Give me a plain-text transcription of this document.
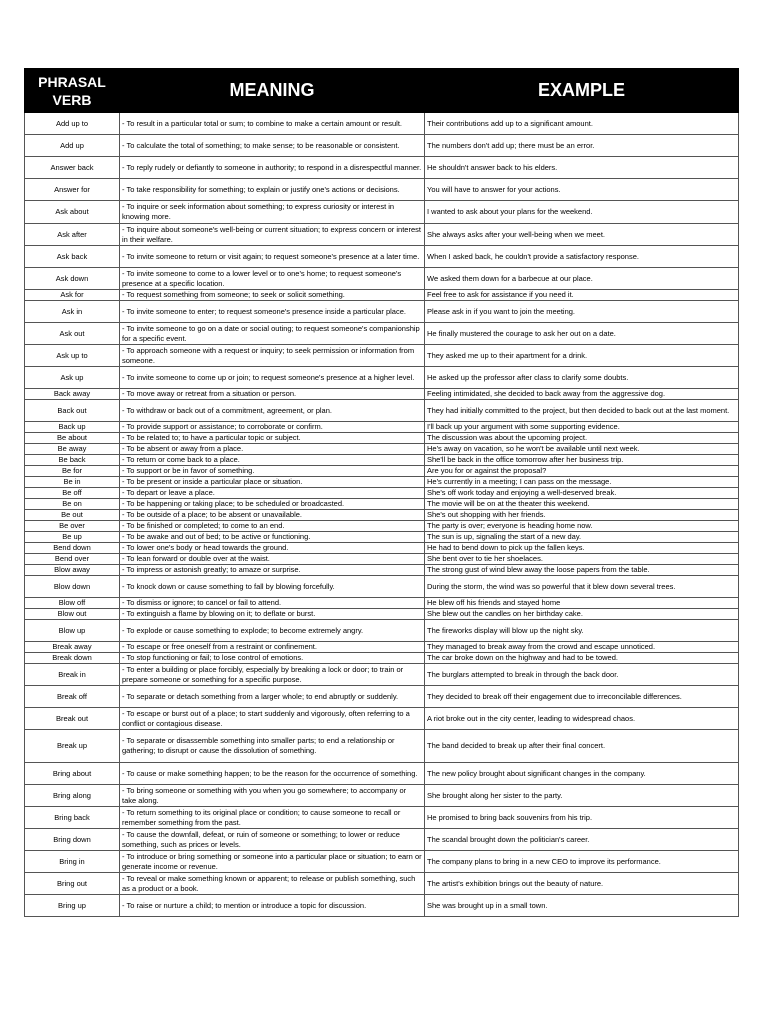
PHRASAL VERB	MEANING	EXAMPLE
Add up to	- To result in a particular total or sum; to combine to make a certain amount or result.	Their contributions add up to a significant amount.
Add up	- To calculate the total of something; to make sense; to be reasonable or consistent.	The numbers don't add up; there must be an error.
Answer back	- To reply rudely or defiantly to someone in authority; to respond in a disrespectful manner.	He shouldn't answer back to his elders.
Answer for	- To take responsibility for something; to explain or justify one's actions or decisions.	You will have to answer for your actions.
Ask about	- To inquire or seek information about something; to express curiosity or interest in knowing more.	I wanted to ask about your plans for the weekend.
Ask after	- To inquire about someone's well-being or current situation; to express concern or interest in their welfare.	She always asks after your well-being when we meet.
Ask back	- To invite someone to return or visit again; to request someone's presence at a later time.	When I asked back, he couldn't provide a satisfactory response.
Ask down	- To invite someone to come to a lower level or to one's home; to request someone's presence at a specific location.	We asked them down for a barbecue at our place.
Ask for	- To request something from someone; to seek or solicit something.	Feel free to ask for assistance if you need it.
Ask in	- To invite someone to enter; to request someone's presence inside a particular place.	Please ask in if you want to join the meeting.
Ask out	- To invite someone to go on a date or social outing; to request someone's companionship for a specific event.	He finally mustered the courage to ask her out on a date.
Ask up to	- To approach someone with a request or inquiry; to seek permission or information from someone.	They asked me up to their apartment for a drink.
Ask up	- To invite someone to come up or join; to request someone's presence at a higher level.	He asked up the professor after class to clarify some doubts.
Back away	- To move away or retreat from a situation or person.	Feeling intimidated, she decided to back away from the aggressive dog.
Back out	- To withdraw or back out of a commitment, agreement, or plan.	They had initially committed to the project, but then decided to back out at the last moment.
Back up	- To provide support or assistance; to corroborate or confirm.	I'll back up your argument with some supporting evidence.
Be about	- To be related to; to have a particular topic or subject.	The discussion was about the upcoming project.
Be away	- To be absent or away from a place.	He's away on vacation, so he won't be available until next week.
Be back	- To return or come back to a place.	She'll be back in the office tomorrow after her business trip.
Be for	- To support or be in favor of something.	Are you for or against the proposal?
Be in	- To be present or inside a particular place or situation.	He's currently in a meeting; I can pass on the message.
Be off	- To depart or leave a place.	She's off work today and enjoying a well-deserved break.
Be on	- To be happening or taking place; to be scheduled or broadcasted.	The movie will be on at the theater this weekend.
Be out	- To be outside of a place; to be absent or unavailable.	She's out shopping with her friends.
Be over	- To be finished or completed; to come to an end.	The party is over; everyone is heading home now.
Be up	- To be awake and out of bed; to be active or functioning.	The sun is up, signaling the start of a new day.
Bend down	- To lower one's body or head towards the ground.	He had to bend down to pick up the fallen keys.
Bend over	- To lean forward or double over at the waist.	She bent over to tie her shoelaces.
Blow away	- To impress or astonish greatly; to amaze or surprise.	The strong gust of wind blew away the loose papers from the table.
Blow down	- To knock down or cause something to fall by blowing forcefully.	During the storm, the wind was so powerful that it blew down several trees.
Blow off	- To dismiss or ignore; to cancel or fail to attend.	He blew off his friends and stayed home
Blow out	- To extinguish a flame by blowing on it; to deflate or burst.	She blew out the candles on her birthday cake.
Blow up	- To explode or cause something to explode; to become extremely angry.	The fireworks display will blow up the night sky.
Break away	- To escape or free oneself from a restraint or confinement.	They managed to break away from the crowd and escape unnoticed.
Break down	- To stop functioning or fail; to lose control of emotions.	The car broke down on the highway and had to be towed.
Break in	- To enter a building or place forcibly, especially by breaking a lock or door; to train or prepare someone or something for a specific purpose.	The burglars attempted to break in through the back door.
Break off	- To separate or detach something from a larger whole; to end abruptly or suddenly.	They decided to break off their engagement due to irreconcilable differences.
Break out	- To escape or burst out of a place; to start suddenly and vigorously, often referring to a conflict or contagious disease.	A riot broke out in the city center, leading to widespread chaos.
Break up	- To separate or disassemble something into smaller parts; to end a relationship or gathering; to disrupt or cause the dissolution of something.	The band decided to break up after their final concert.
Bring about	- To cause or make something happen; to be the reason for the occurrence of something.	The new policy brought about significant changes in the company.
Bring along	- To bring someone or something with you when you go somewhere; to accompany or take along.	She brought along her sister to the party.
Bring back	- To return something to its original place or condition; to cause someone to recall or remember something from the past.	He promised to bring back souvenirs from his trip.
Bring down	- To cause the downfall, defeat, or ruin of someone or something; to lower or reduce something, such as prices or levels.	The scandal brought down the politician's career.
Bring in	- To introduce or bring something or someone into a particular place or situation; to earn or generate income or revenue.	The company plans to bring in a new CEO to improve its performance.
Bring out	- To reveal or make something known or apparent; to release or publish something, such as a product or a book.	The artist's exhibition brings out the beauty of nature.
Bring up	- To raise or nurture a child; to mention or introduce a topic for discussion.	She was brought up in a small town.
